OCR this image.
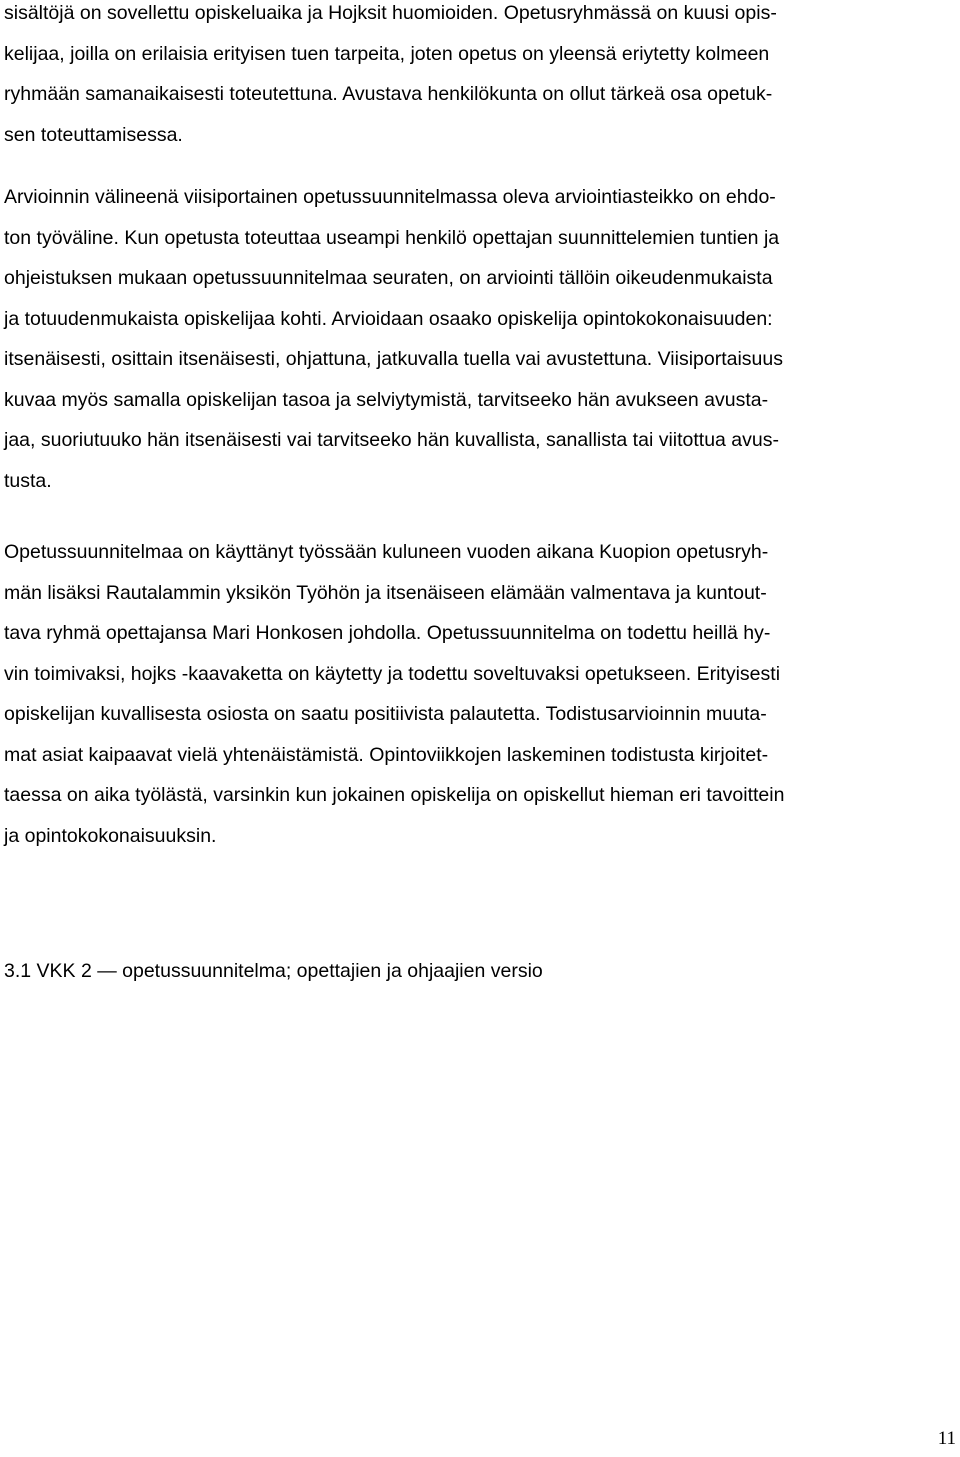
sisältöjä on sovellettu opiskeluaika ja Hojksit huomioiden. Opetusryhmässä on kuusi opis-
kelijaa, joilla on erilaisia erityisen tuen tarpeita, joten opetus on yleensä eriytetty kolmeen
ryhmään samanaikaisesti toteutettuna. Avustava henkilökunta on ollut tärkeä osa opetuk-
sen toteuttamisessa.
Arvioinnin välineenä viisiportainen opetussuunnitelmassa oleva arviointiasteikko on ehdo-
ton työväline. Kun opetusta toteuttaa useampi henkilö opettajan suunnittelemien tuntien ja
ohjeistuksen mukaan opetussuunnitelmaa seuraten, on arviointi tällöin oikeudenmukaista
ja totuudenmukaista opiskelijaa kohti. Arvioidaan osaako opiskelija opintokokonaisuuden:
itsenäisesti, osittain itsenäisesti, ohjattuna, jatkuvalla tuella vai avustettuna. Viisiportaisuus
kuvaa myös samalla opiskelijan tasoa ja selviytymistä, tarvitseeko hän avukseen avusta-
jaa, suoriutuuko hän itsenäisesti vai tarvitseeko hän kuvallista, sanallista tai viitottua avus-
tusta.
Opetussuunnitelmaa on käyttänyt työssään kuluneen vuoden aikana Kuopion opetusryh-
män lisäksi Rautalammin yksikön Työhön ja itsenäiseen elämään valmentava ja kuntout-
tava ryhmä opettajansa Mari Honkosen johdolla. Opetussuunnitelma on todettu heillä hy-
vin toimivaksi, hojks -kaavaketta on käytetty ja todettu soveltuvaksi opetukseen. Erityisesti
opiskelijan kuvallisesta osiosta on saatu positiivista palautetta. Todistusarvioinnin muuta-
mat asiat kaipaavat vielä yhtenäistämistä. Opintoviikkojen laskeminen todistusta kirjoitet-
taessa on aika työlästä, varsinkin kun jokainen opiskelija on opiskellut hieman eri tavoittein
ja opintokokonaisuuksin.
3.1 VKK 2 — opetussuunnitelma; opettajien ja ohjaajien versio
11
